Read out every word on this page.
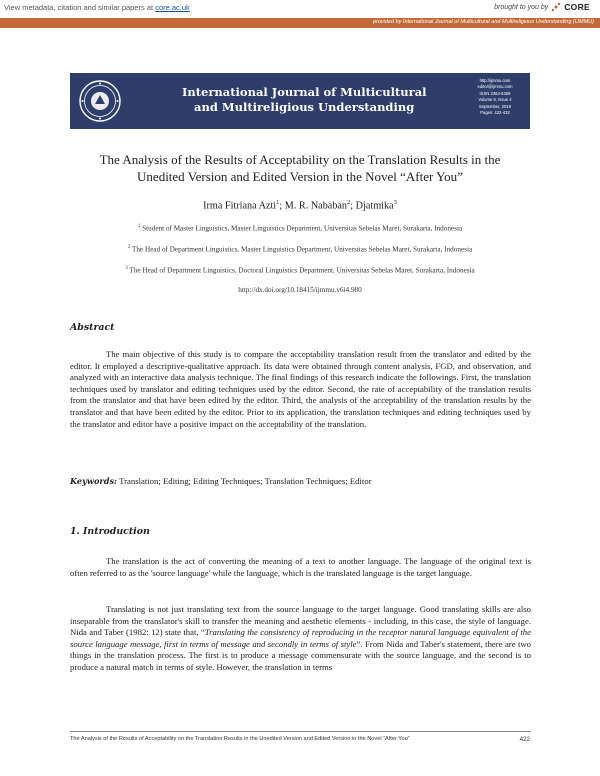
View metadata, citation and similar papers at core.ac.uk	brought to you by CORE
provided by International Journal of Multicultural and Multireligious Understanding (IJMMU)
International Journal of Multicultural
and Multireligious Understanding
http://ijmmu.com
editor@ijmmu.com
ISSN 2364-5369
Volume 6, Issue 4
September, 2019
Pages: 422-432
The Analysis of the Results of Acceptability on the Translation Results in the
Unedited Version and Edited Version in the Novel “After You”
Irma Fitriana Azti$^1$; M. R. Nababan$^2$; Djatmika$^3$
$^1$ Student of Master Linguistics, Master Linguistics Department, Universitas Sebelas Maret, Surakarta, Indonesia
$^2$ The Head of Department Linguistics, Master Linguistics Department, Universitas Sebelas Maret, Surakarta, Indonesia
$^3$ The Head of Department Linguistics, Doctoral Linguistics Department, Universitas Sebelas Maret, Surakarta, Indonesia
http://dx.doi.org/10.18415/ijmmu.v6i4.980
Abstract
The main objective of this study is to compare the acceptability translation result from the translator and edited by the editor. It employed a descriptive-qualitative approach. Its data were obtained through content analysis, FGD, and observation, and analyzed with an interactive data analysis technique. The final findings of this research indicate the followings. First, the translation techniques used by translator and editing techniques used by the editor. Second, the rate of acceptability of the translation results from the translator and that have been edited by the editor. Third, the analysis of the acceptability of the translation results by the translator and that have been edited by the editor. Prior to its application, the translation techniques and editing techniques used by the translator and editor have a positive impact on the acceptability of the translation.
Keywords: Translation; Editing; Editing Techniques; Translation Techniques; Editor
1. Introduction
The translation is the act of converting the meaning of a text to another language. The language of the original text is often referred to as the 'source language' while the language, which is the translated language is the target language.
Translating is not just translating text from the source language to the target language. Good translating skills are also inseparable from the translator's skill to transfer the meaning and aesthetic elements - including, in this case, the style of language. Nida and Taber (1982: 12) state that, “Translating the consistency of reproducing in the receptor natural language equivalent of the source language message, first in terms of message and secondly in terms of style”. From Nida and Taber's statement, there are two things in the translation process. The first is to produce a message commensurate with the source language, and the second is to produce a natural match in terms of style. However, the translation in terms
The Analysis of the Results of Acceptability on the Translation Results in the Unedited Version and Edited Version in the Novel “After You”	422
